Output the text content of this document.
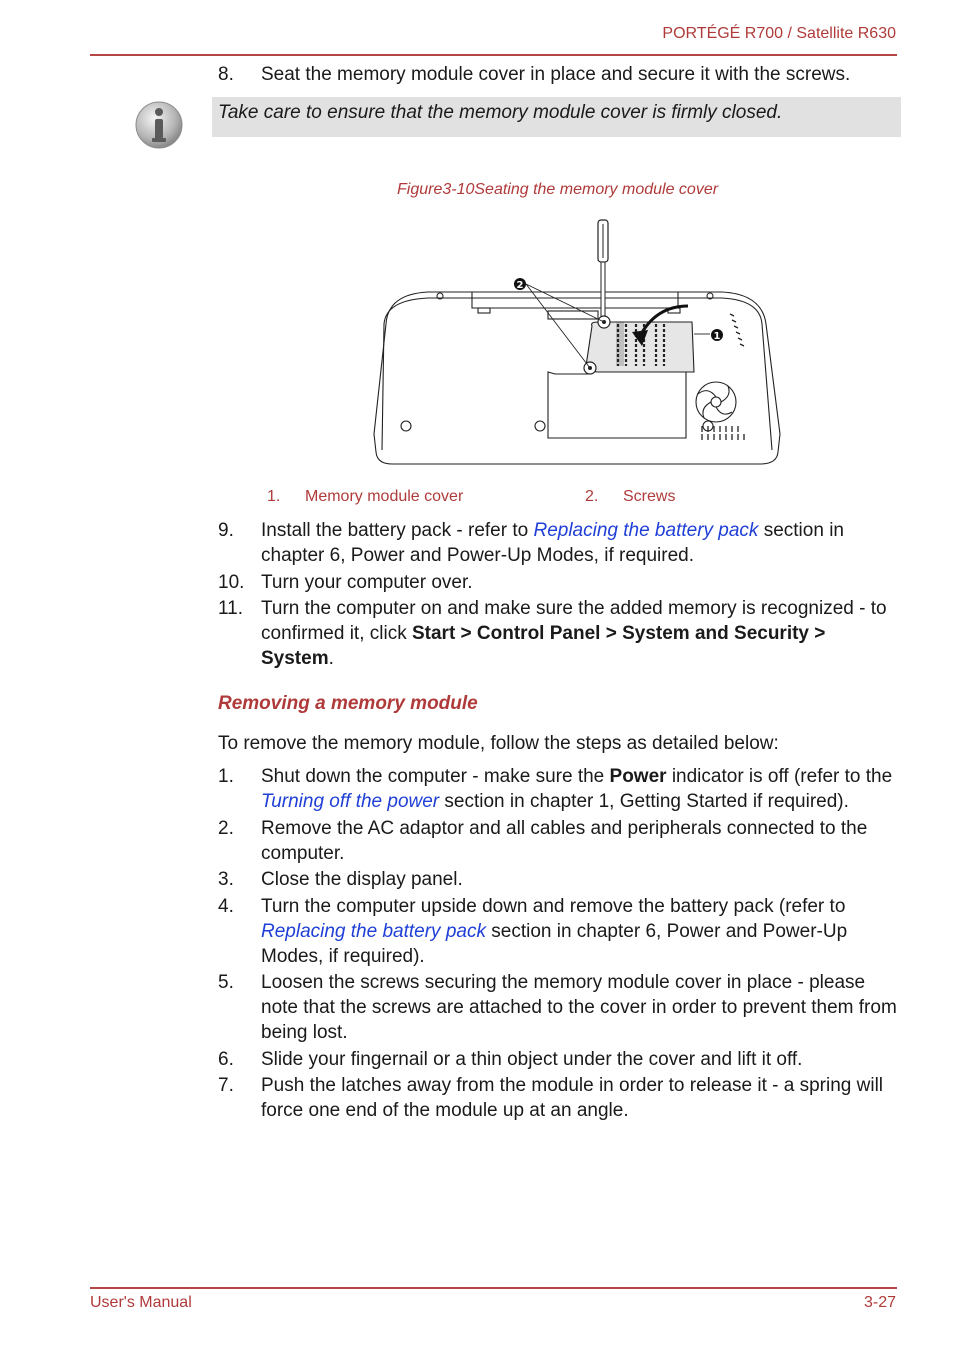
PORTÉGÉ R700 / Satellite R630
8. Seat the memory module cover in place and secure it with the screws.
Take care to ensure that the memory module cover is firmly closed.
Figure3-10Seating the memory module cover
2
1
1. Memory module cover	2. Screws
9. Install the battery pack - refer to Replacing the battery pack section in chapter 6, Power and Power-Up Modes, if required.
10. Turn your computer over.
11. Turn the computer on and make sure the added memory is recognized - to confirmed it, click Start > Control Panel > System and Security > System.
Removing a memory module
To remove the memory module, follow the steps as detailed below:
1. Shut down the computer - make sure the Power indicator is off (refer to the Turning off the power section in chapter 1, Getting Started if required).
2. Remove the AC adaptor and all cables and peripherals connected to the computer.
3. Close the display panel.
4. Turn the computer upside down and remove the battery pack (refer to Replacing the battery pack section in chapter 6, Power and Power-Up Modes, if required).
5. Loosen the screws securing the memory module cover in place - please note that the screws are attached to the cover in order to prevent them from being lost.
6. Slide your fingernail or a thin object under the cover and lift it off.
7. Push the latches away from the module in order to release it - a spring will force one end of the module up at an angle.
User's Manual	3-27
